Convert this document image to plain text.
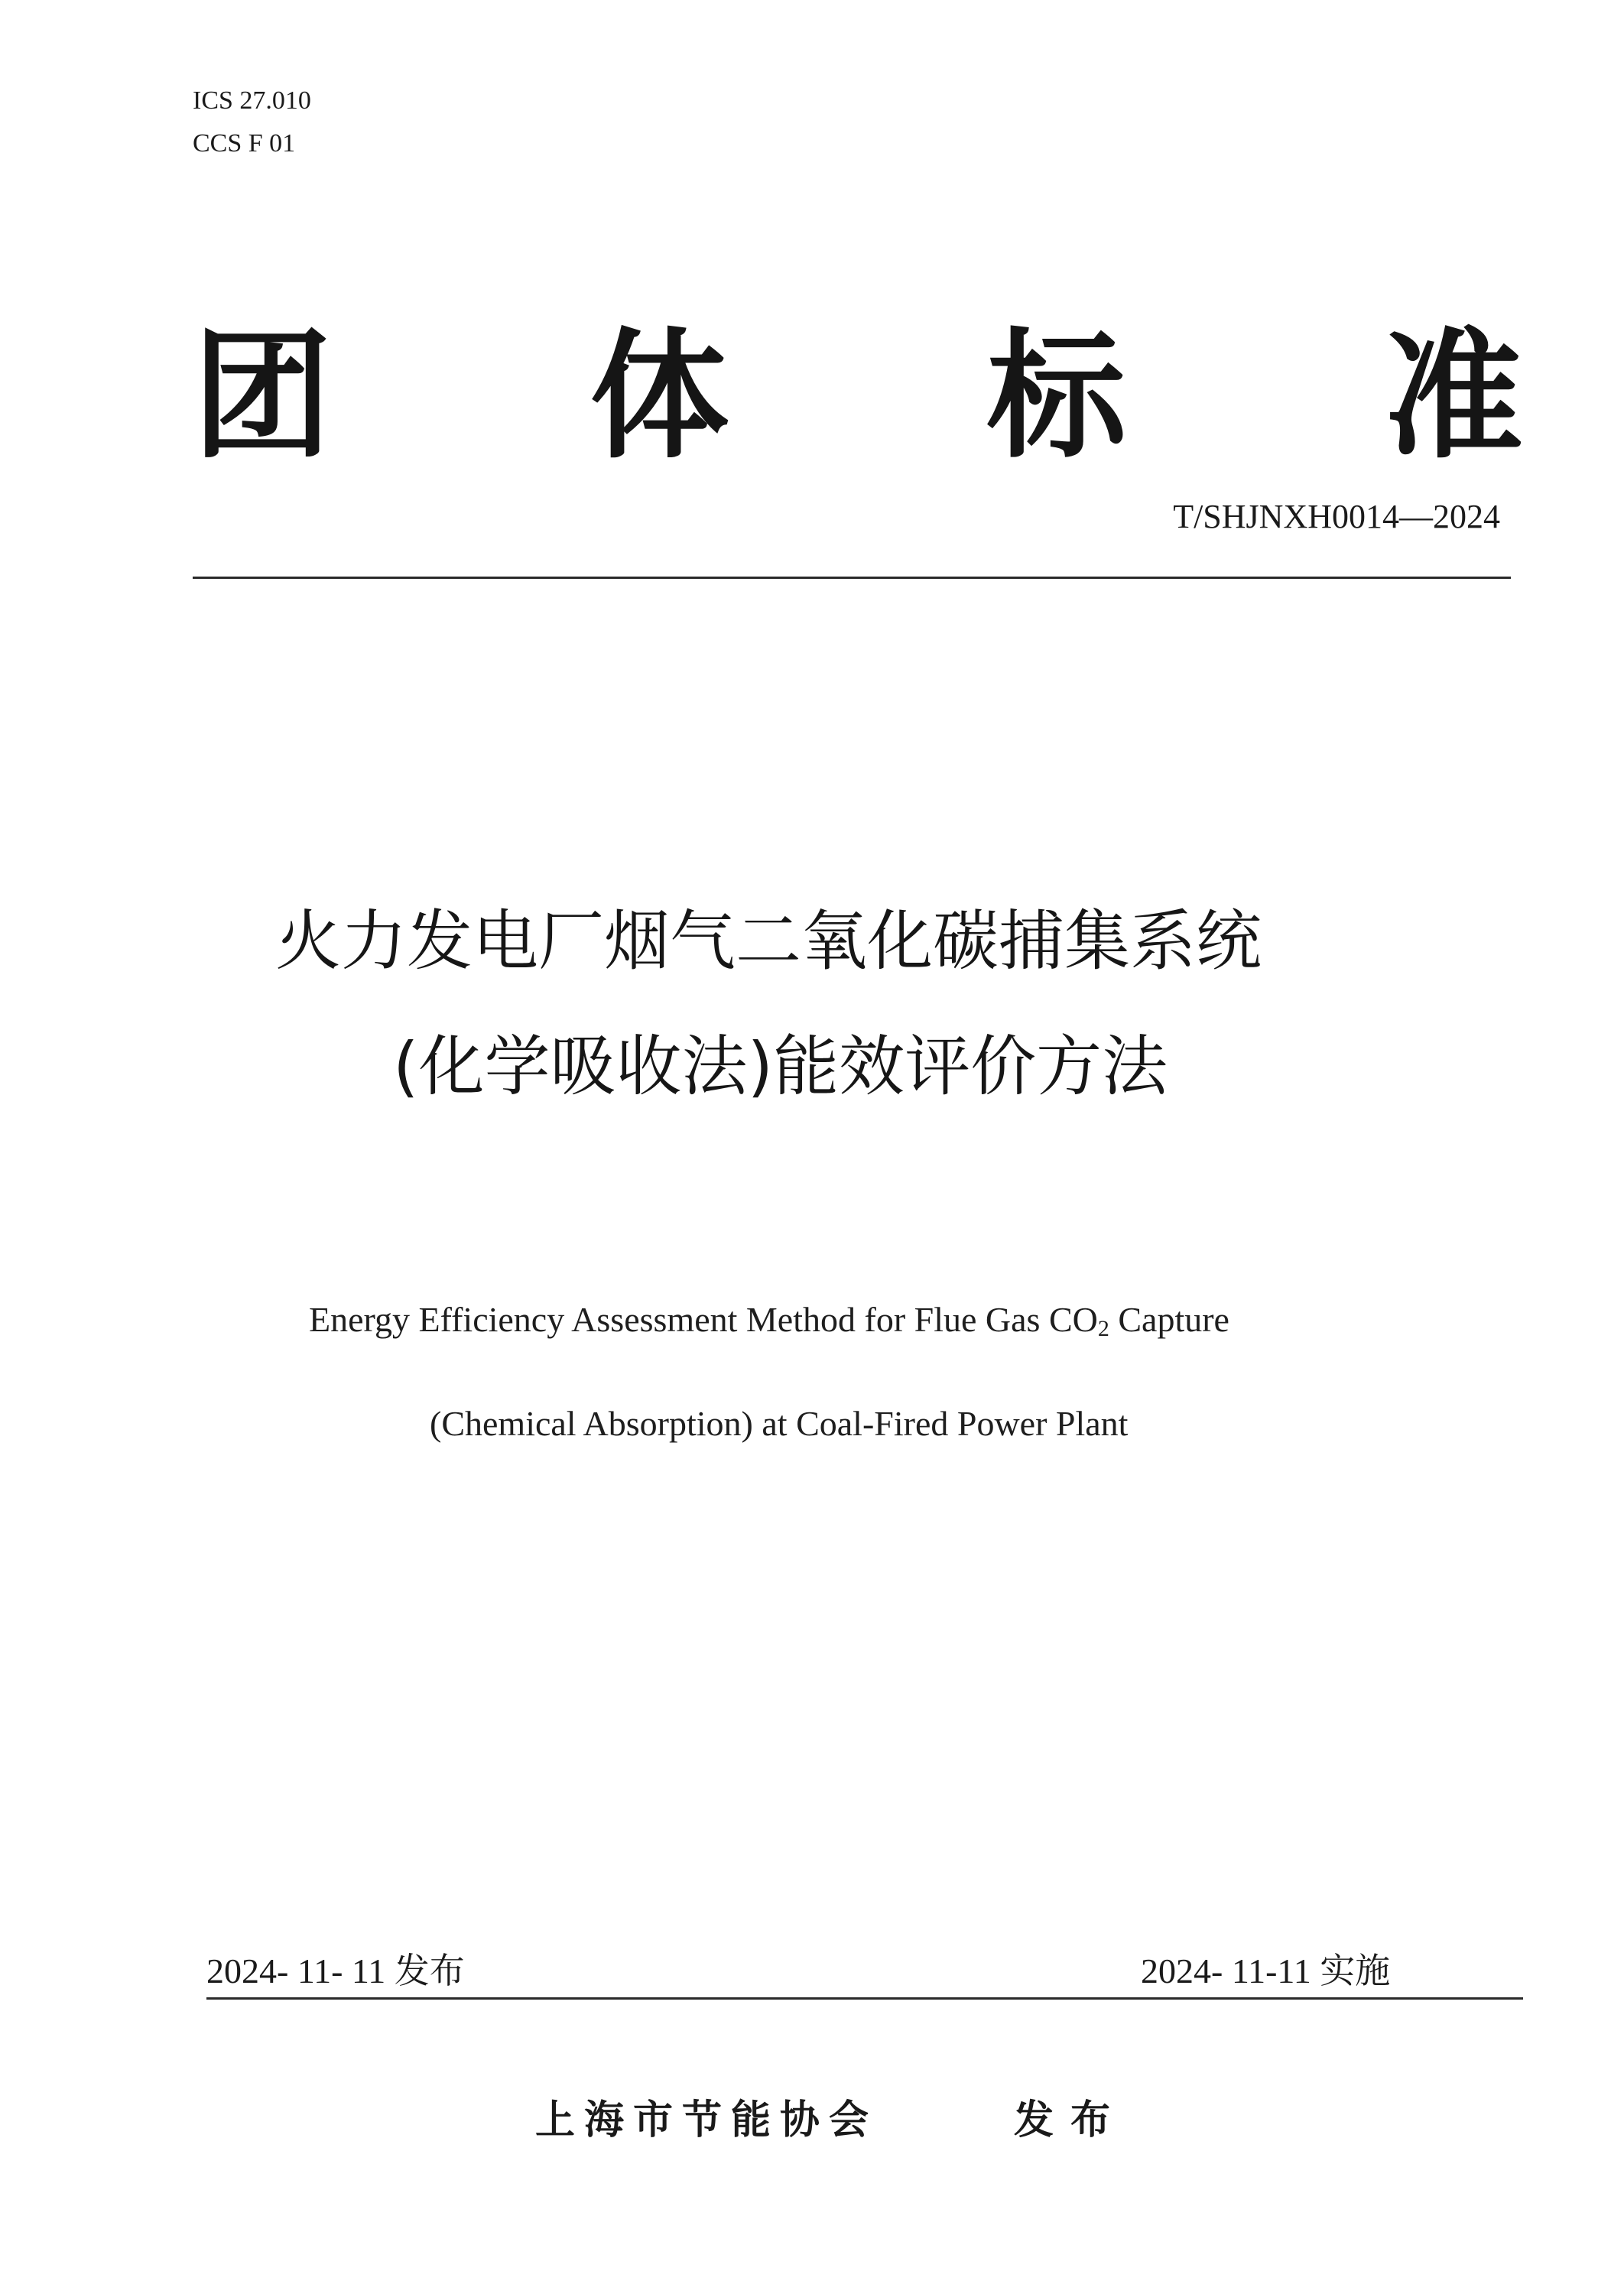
ICS 27.010
CCS F 01
团 体 标 准
T/SHJNXH0014—2024
火力发电厂烟气二氧化碳捕集系统
(化学吸收法)能效评价方法
Energy Efficiency Assessment Method for Flue Gas $CO_2$ Capture
(Chemical Absorption) at Coal-Fired Power Plant
2024- 11- 11 发布	2024- 11-11 实施
上海市节能协会	发布
